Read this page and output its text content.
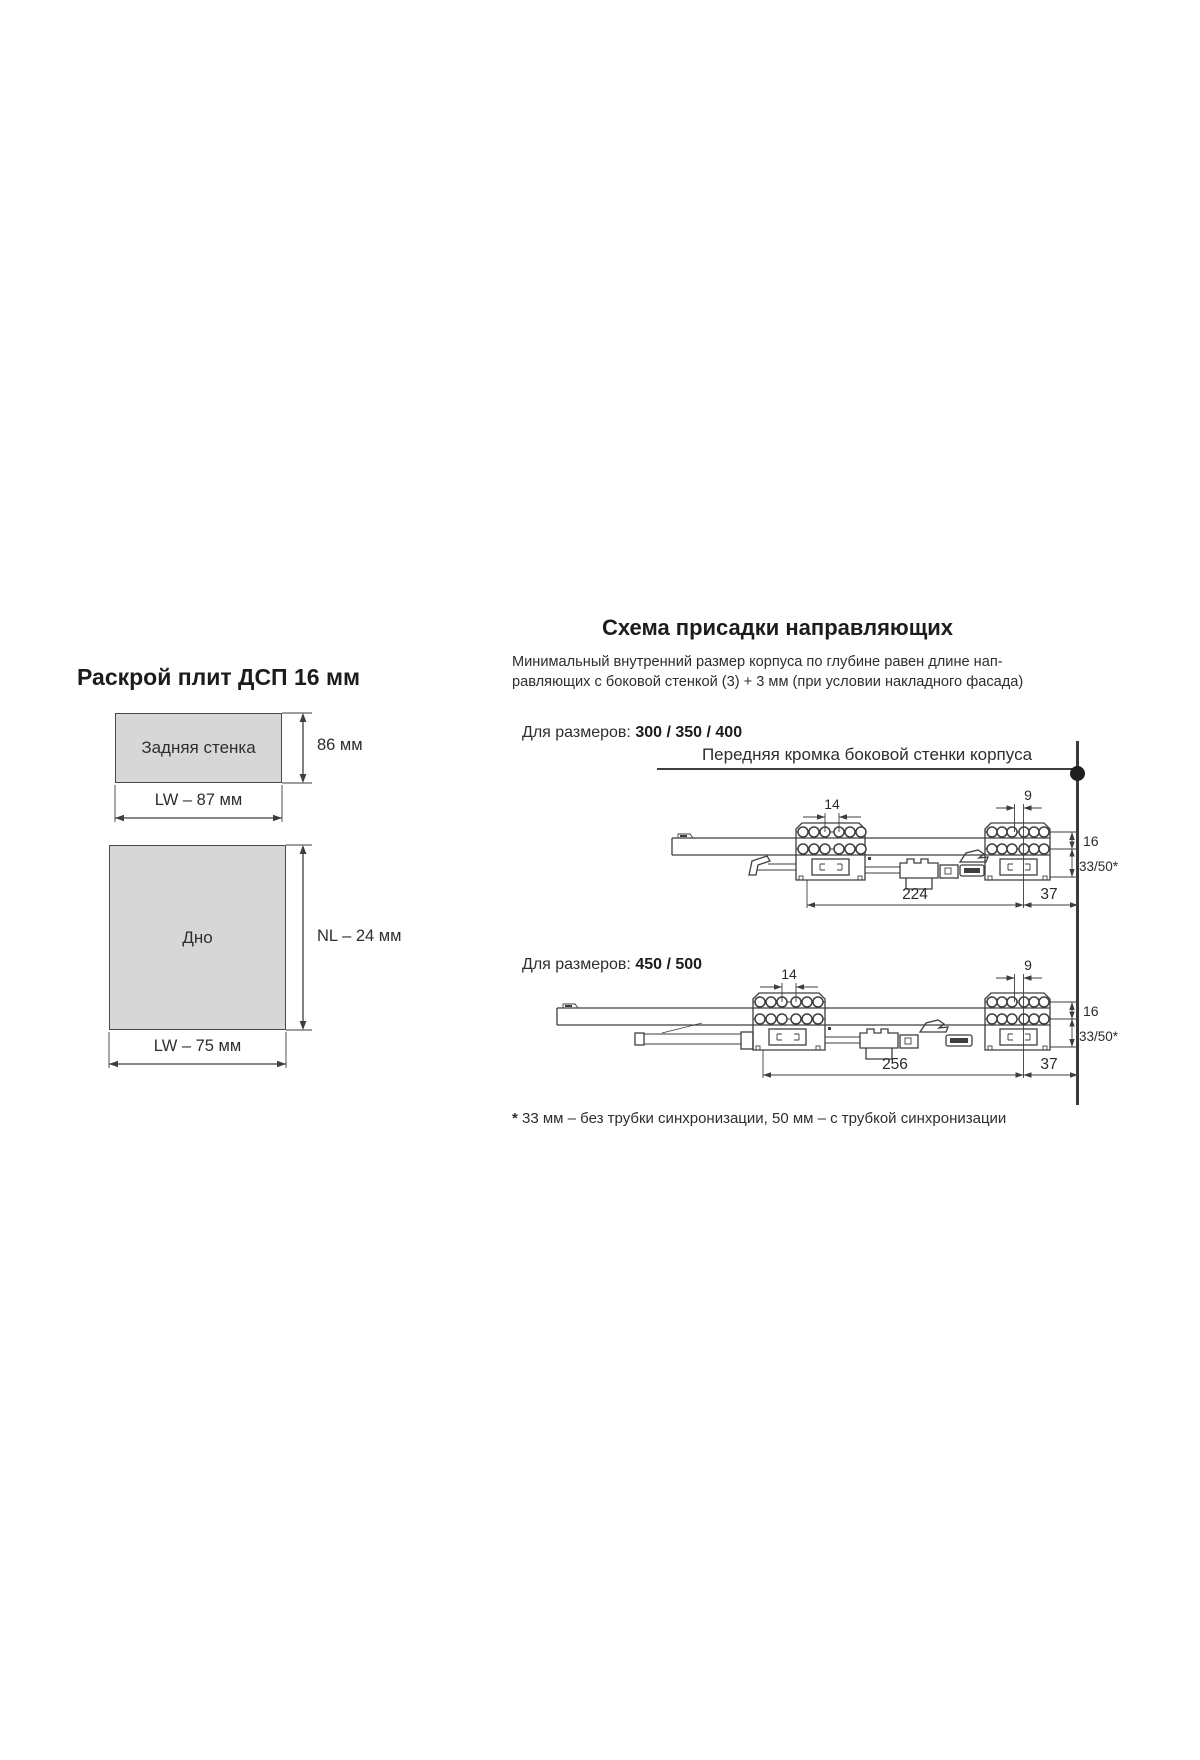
Раскрой плит ДСП 16 мм
Задняя стенка	86 мм
LW – 87 мм
Дно	NL – 24 мм
LW – 75 мм
Схема присадки направляющих
Минимальный внутренний размер корпуса по глубине равен длине нап-
равляющих с боковой стенкой (3) + 3 мм (при условии накладного фасада)
Для размеров: 300 / 350 / 400
Передняя кромка боковой стенки корпуса
14
9
16
33/50*
224	37
Для размеров: 450 / 500
14
9
16
33/50*
256	37
* 33 мм – без трубки синхронизации, 50 мм – с трубкой синхронизации
